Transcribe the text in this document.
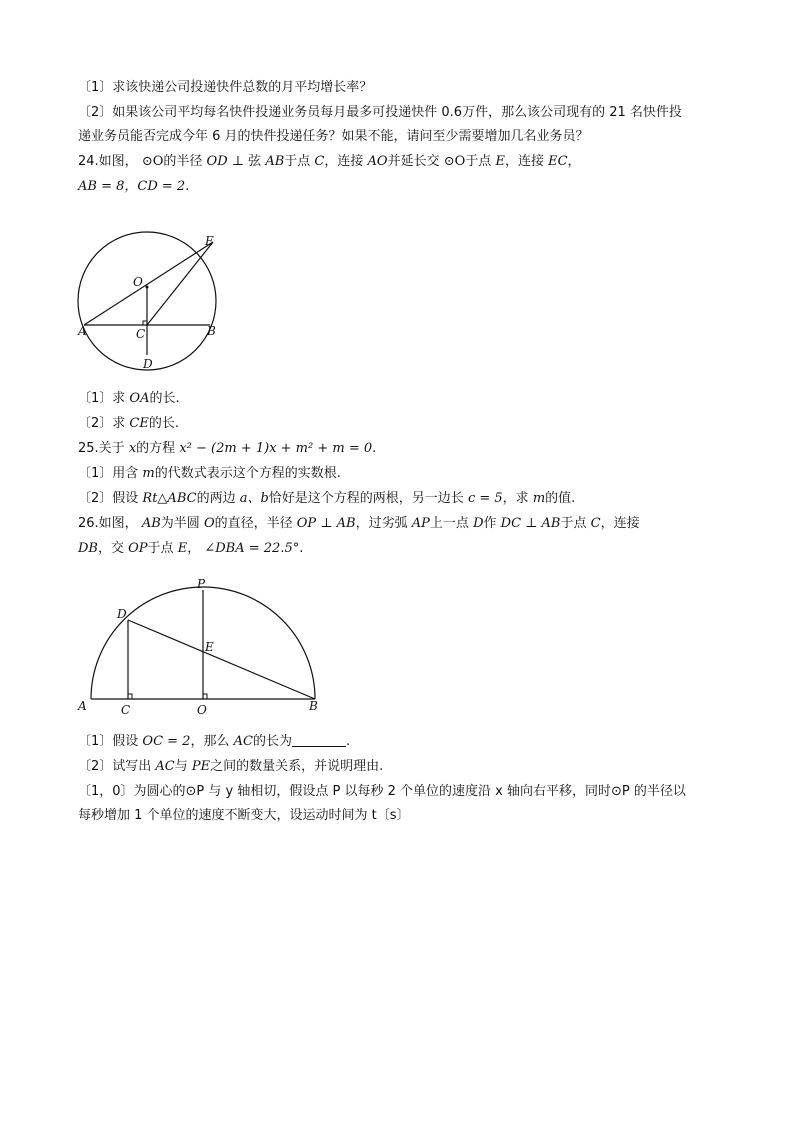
〔1〕求该快递公司投递快件总数的月平均增长率？
〔2〕如果该公司平均每名快件投递业务员每月最多可投递快件 0.6万件，那么该公司现有的 21 名快件投
递业务员能否完成今年 6 月的快件投递任务？如果不能，请问至少需要增加几名业务员？
24.如图， ⊙O的半径 OD ⊥ 弦 AB于点 C，连接 AO并延长交 ⊙O于点 E，连接 EC，
AB = 8，CD = 2.
O
E
A	C	B
D
〔1〕求 OA的长.
〔2〕求 CE的长.
25.关于 x的方程 x² − (2m + 1)x + m² + m = 0.
〔1〕用含 m的代数式表示这个方程的实数根.
〔2〕假设 Rt△ABC的两边 a、b恰好是这个方程的两根，另一边长 c = 5，求 m的值.
26.如图， AB为半圆 O的直径，半径 OP ⊥ AB，过劣弧 AP上一点 D作 DC ⊥ AB于点 C，连接
DB，交 OP于点 E， ∠DBA = 22.5°.
P
D
E
A	C	O	B
〔1〕假设 OC = 2，那么 AC的长为	.
〔2〕试写出 AC与 PE之间的数量关系，并说明理由.
〔1，0〕为圆心的⊙P 与 y 轴相切，假设点 P 以每秒 2 个单位的速度沿 x 轴向右平移，同时⊙P 的半径以
每秒增加 1 个单位的速度不断变大，设运动时间为 t〔s〕
